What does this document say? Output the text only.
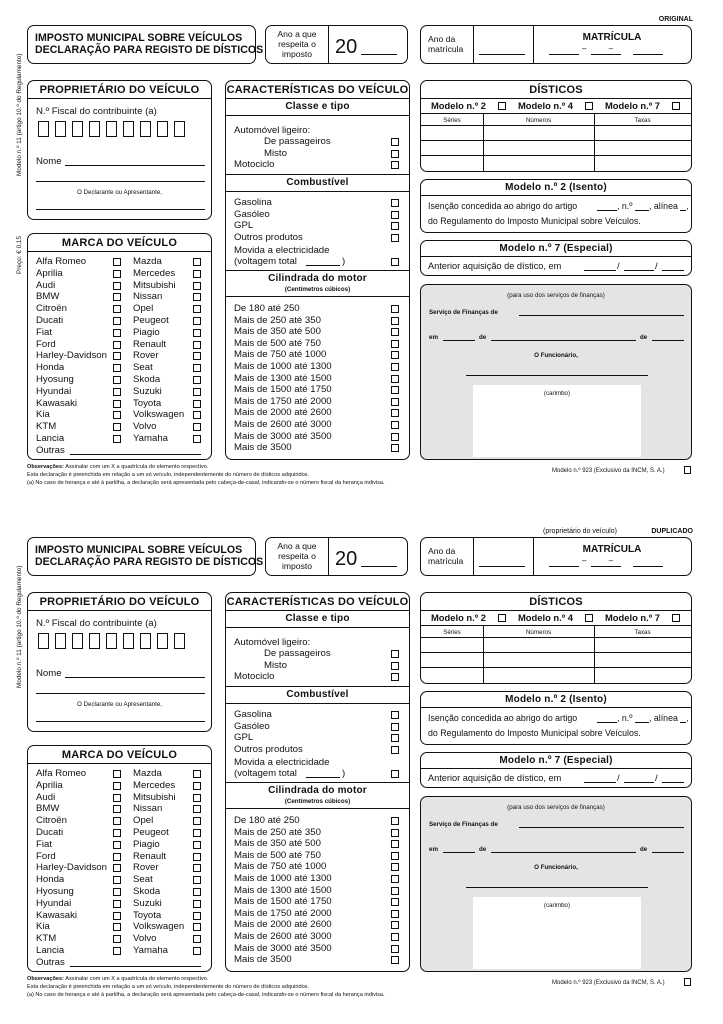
ORIGINAL
Modelo n.º 11 (artigo 10.º do Regulamento)
Preço: € 0,15
IMPOSTO MUNICIPAL SOBRE VEÍCULOS
DECLARAÇÃO PARA REGISTO DE DÍSTICOS
Ano a que
respeita o
imposto	20	Ano da
matrícula
MATRÍCULA
–          –
PROPRIETÁRIO DO VEÍCULO
N.º Fiscal do contribuinte (a)
Nome
O Declarante ou Apresentante,
MARCA DO VEÍCULO
Alfa Romeo
Aprilia
Audi
BMW
Citroën
Ducati
Fiat
Ford
Harley-Davidson
Honda
Hyosung
Hyundai
Kawasaki
Kia
KTM
Lancia
Mazda
Mercedes
Mitsubishi
Nissan
Opel
Peugeot
Piagio
Renault
Rover
Seat
Skoda
Suzuki
Toyota
Volkswagen
Volvo
Yamaha
Outras
CARACTERÍSTICAS DO VEÍCULO
Classe e tipo
Automóvel ligeiro:
De passageiros
Misto
Motociclo
Combustível
Gasolina
Gasóleo
GPL
Outros produtos
Movida a electricidade
(voltagem total	)
Cilindrada do motor
(Centímetros cúbicos)
De 180 até 250
Mais de 250 até 350
Mais de 350 até 500
Mais de 500 até 750
Mais de 750 até 1000
Mais de 1000 até 1300
Mais de 1300 até 1500
Mais de 1500 até 1750
Mais de 1750 até 2000
Mais de 2000 até 2600
Mais de 2600 até 3000
Mais de 3000 até 3500
Mais de 3500
DÍSTICOS
Modelo n.º 2	Modelo n.º 4	Modelo n.º 7
Séries	Números	Taxas
Modelo n.º 2 (Isento)
Isenção concedida ao abrigo do artigo	, n.º , alínea ,
do Regulamento do Imposto Municipal sobre Veículos.
Modelo n.º 7 (Especial)
Anterior aquisição de dístico, em	/	/
(para uso dos serviços de finanças)
Serviço de Finanças de
em	de	de
O Funcionário,
(carimbo)
Observações: Assinalar com um X a quadrícula do elemento respectivo.
Esta declaração é preenchida em relação a um só veículo, independentemente do número de dísticos adquiridos.
(a) No caso de herança e até à partilha, a declaração será apresentada pelo cabeça-de-casal, indicando-se o número fiscal da herança indivisa.
Modelo n.º 923 (Exclusivo da INCM, S. A.)
DUPLICADO
(proprietário do veículo)
Modelo n.º 11 (artigo 10.º do Regulamento)
IMPOSTO MUNICIPAL SOBRE VEÍCULOS
DECLARAÇÃO PARA REGISTO DE DÍSTICOS
Ano a que
respeita o
imposto	20	Ano da
matrícula
MATRÍCULA
–          –
PROPRIETÁRIO DO VEÍCULO
N.º Fiscal do contribuinte (a)
Nome
O Declarante ou Apresentante,
MARCA DO VEÍCULO
Alfa Romeo
Aprilia
Audi
BMW
Citroën
Ducati
Fiat
Ford
Harley-Davidson
Honda
Hyosung
Hyundai
Kawasaki
Kia
KTM
Lancia
Mazda
Mercedes
Mitsubishi
Nissan
Opel
Peugeot
Piagio
Renault
Rover
Seat
Skoda
Suzuki
Toyota
Volkswagen
Volvo
Yamaha
Outras
CARACTERÍSTICAS DO VEÍCULO
Classe e tipo
Automóvel ligeiro:
De passageiros
Misto
Motociclo
Combustível
Gasolina
Gasóleo
GPL
Outros produtos
Movida a electricidade
(voltagem total	)
Cilindrada do motor
(Centímetros cúbicos)
De 180 até 250
Mais de 250 até 350
Mais de 350 até 500
Mais de 500 até 750
Mais de 750 até 1000
Mais de 1000 até 1300
Mais de 1300 até 1500
Mais de 1500 até 1750
Mais de 1750 até 2000
Mais de 2000 até 2600
Mais de 2600 até 3000
Mais de 3000 até 3500
Mais de 3500
DÍSTICOS
Modelo n.º 2	Modelo n.º 4	Modelo n.º 7
Séries	Números	Taxas
Modelo n.º 2 (Isento)
Isenção concedida ao abrigo do artigo	, n.º , alínea ,
do Regulamento do Imposto Municipal sobre Veículos.
Modelo n.º 7 (Especial)
Anterior aquisição de dístico, em	/	/
(para uso dos serviços de finanças)
Serviço de Finanças de
em	de	de
O Funcionário,
(carimbo)
Observações: Assinalar com um X a quadrícula do elemento respectivo.
Esta declaração é preenchida em relação a um só veículo, independentemente do número de dísticos adquiridos.
(a) No caso de herança e até à partilha, a declaração será apresentada pelo cabeça-de-casal, indicando-se o número fiscal da herança indivisa.
Modelo n.º 923 (Exclusivo da INCM, S. A.)
